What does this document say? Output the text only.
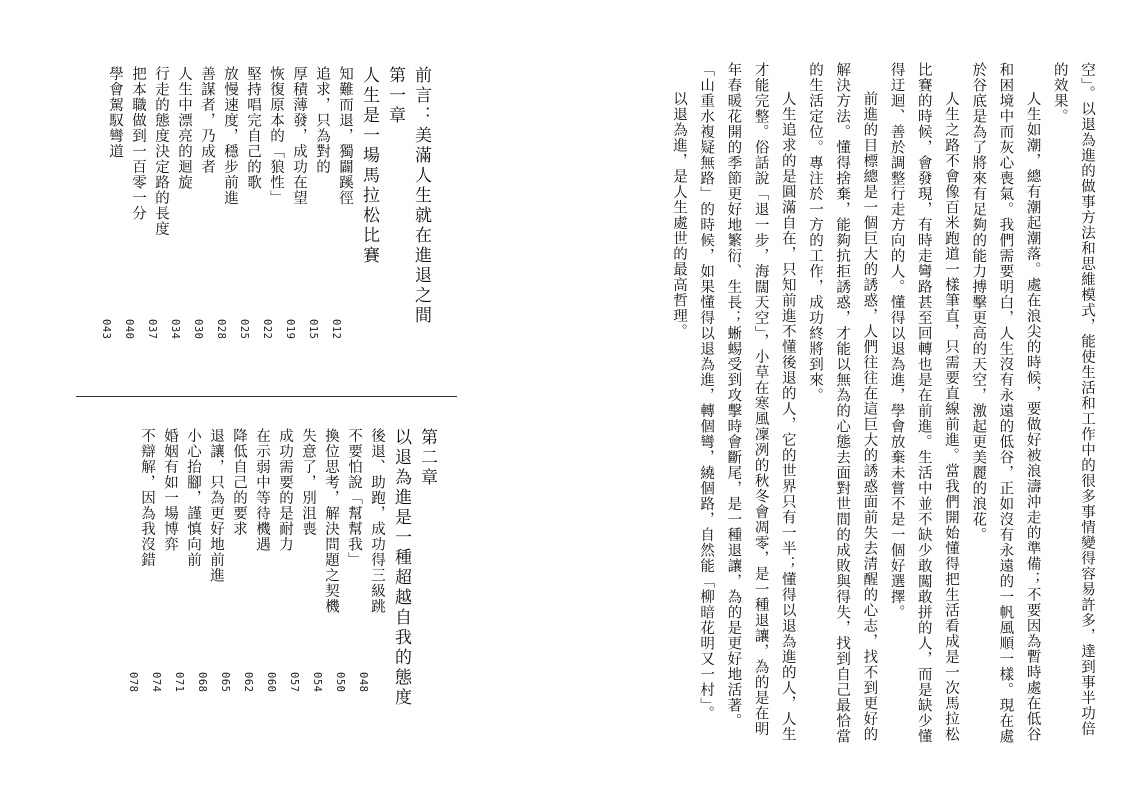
空」。以退為進的做事方法和思維模式，能使生活和工作中的很多事情變得容易許多，達到事半功倍的效果。

人生如潮，總有潮起潮落。處在浪尖的時候，要做好被浪濤沖走的準備；不要因為暫時處在低谷和困境中而灰心喪氣。我們需要明白，人生沒有永遠的低谷，正如沒有永遠的一帆風順一樣。現在處於谷底是為了將來有足夠的能力搏擊更高的天空，激起更美麗的浪花。

人生之路不會像百米跑道一樣筆直，只需要直線前進。當我們開始懂得把生活看成是一次馬拉松比賽的時候，會發現，有時走彎路甚至回轉也是在前進。生活中並不缺少敢闖敢拼的人，而是缺少懂得迂迴、善於調整行走方向的人。懂得以退為進，學會放棄未嘗不是一個好選擇。

前進的目標總是一個巨大的誘惑，人們往往在這巨大的誘惑面前失去清醒的心志，找不到更好的解決方法。懂得捨棄，能夠抗拒誘惑，才能以無為的心態去面對世間的成敗與得失，找到自己最恰當的生活定位。專注於一方的工作，成功終將到來。

人生追求的是圓滿自在，只知前進不懂後退的人，它的世界只有一半；懂得以退為進的人，人生才能完整。俗話說「退一步，海闊天空」，小草在寒風凜冽的秋冬會凋零，是一種退讓，為的是在明年春暖花開的季節更好地繁衍、生長；蜥蜴受到攻擊時會斷尾，是一種退讓，為的是更好地活著。「山重水複疑無路」的時候，如果懂得以退為進，轉個彎，繞個路，自然能「柳暗花明又一村」。

以退為進，是人生處世的最高哲理。

前言：美滿人生就在進退之間
第一章
人生是一場馬拉松比賽
知難而退，獨闢蹊徑
追求，只為對的
厚積薄發，成功在望
恢復原本的「狼性」
堅持唱完自己的歌
放慢速度，穩步前進
善謀者，乃成者
人生中漂亮的迴旋
行走的態度決定路的長度
把本職做到一百零一分
學會駕馭彎道
012
015
019
022
025
028
030
034
037
040
043
第二章
以退為進是一種超越自我的態度
後退、助跑，成功得三級跳
不要怕說「幫幫我」
換位思考，解決問題之契機
失意了，別沮喪
成功需要的是耐力
在示弱中等待機遇
降低自己的要求
退讓，只為更好地前進
小心抬腳，謹慎向前
婚姻有如一場博弈
不辯解，因為我沒錯
048
050
054
057
060
062
065
068
071
074
078
